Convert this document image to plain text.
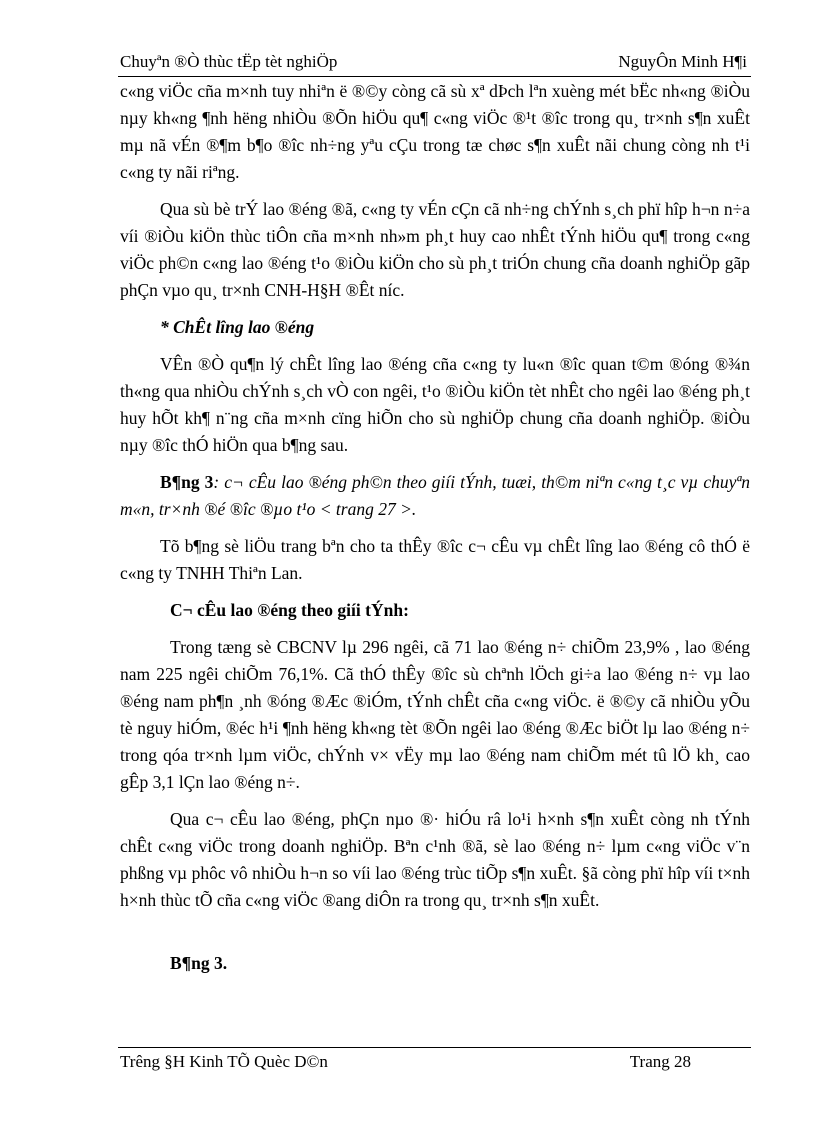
Chuyªn ®Ò thùc tËp tèt nghiÖp	NguyÔn Minh H¶i

c«ng viÖc cña m×nh tuy nhiªn ë ®©y còng cã sù xª dÞch lªn xuèng mét bËc nh«ng ®iÒu nµy kh«ng ¶nh hëng nhiÒu ®Õn hiÖu qu¶ c«ng viÖc ®¹t ®îc trong qu¸ tr×nh s¶n xuÊt mµ nã vÉn ®¶m b¶o ®îc nh÷ng yªu cÇu trong tæ chøc s¶n xuÊt nãi chung còng nh t¹i c«ng ty nãi riªng.

Qua sù bè trÝ lao ®éng ®ã, c«ng ty vÉn cÇn cã nh÷ng chÝnh s¸ch phï hîp h¬n n÷a víi ®iÒu kiÖn thùc tiÔn cña m×nh nh»m ph¸t huy cao nhÊt tÝnh hiÖu qu¶ trong c«ng viÖc ph©n c«ng lao ®éng t¹o ®iÒu kiÖn cho sù ph¸t triÓn chung cña doanh nghiÖp gãp phÇn vµo qu¸ tr×nh CNH-H§H ®Êt níc.

* ChÊt lîng lao ®éng

VÊn ®Ò qu¶n lý chÊt lîng lao ®éng cña c«ng ty lu«n ®îc quan t©m ®óng ®¾n th«ng qua nhiÒu chÝnh s¸ch vÒ con ngêi, t¹o ®iÒu kiÖn tèt nhÊt cho ngêi lao ®éng ph¸t huy hÕt kh¶ n¨ng cña m×nh cïng hiÕn cho sù nghiÖp chung cña doanh nghiÖp. ®iÒu nµy ®îc thÓ hiÖn qua b¶ng sau.

B¶ng 3: c¬ cÊu lao ®éng ph©n theo giíi tÝnh, tuæi, th©m niªn c«ng t¸c vµ chuyªn m«n, tr×nh ®é ®îc ®µo t¹o < trang 27 >.

Tõ b¶ng sè liÖu trang bªn cho ta thÊy ®îc c¬ cÊu vµ chÊt lîng lao ®éng cô thÓ ë c«ng ty TNHH Thiªn Lan.

C¬ cÊu lao ®éng theo giíi tÝnh:

Trong tæng sè CBCNV lµ 296 ngêi, cã 71 lao ®éng n÷ chiÕm 23,9% , lao ®éng nam 225 ngêi chiÕm 76,1%. Cã thÓ thÊy ®îc sù chªnh lÖch gi÷a lao ®éng n÷ vµ lao ®éng nam ph¶n ¸nh ®óng ®Æc ®iÓm, tÝnh chÊt cña c«ng viÖc. ë ®©y cã nhiÒu yÕu tè nguy hiÓm, ®éc h¹i ¶nh hëng kh«ng tèt ®Õn ngêi lao ®éng ®Æc biÖt lµ lao ®éng n÷ trong qóa tr×nh lµm viÖc, chÝnh v× vËy mµ lao ®éng nam chiÕm mét tû lÖ kh¸ cao gÊp 3,1 lÇn lao ®éng n÷.

Qua c¬ cÊu lao ®éng, phÇn nµo ®· hiÓu râ lo¹i h×nh s¶n xuÊt còng nh tÝnh chÊt c«ng viÖc trong doanh nghiÖp. Bªn c¹nh ®ã, sè lao ®éng n÷ lµm c«ng viÖc v¨n phßng vµ phôc vô nhiÒu h¬n so víi lao ®éng trùc tiÕp s¶n xuÊt. §ã còng phï hîp víi t×nh h×nh thùc tÕ cña c«ng viÖc ®ang diÔn ra trong qu¸ tr×nh s¶n xuÊt.

B¶ng 3.

Trêng §H Kinh TÕ Quèc D©n	Trang 28
